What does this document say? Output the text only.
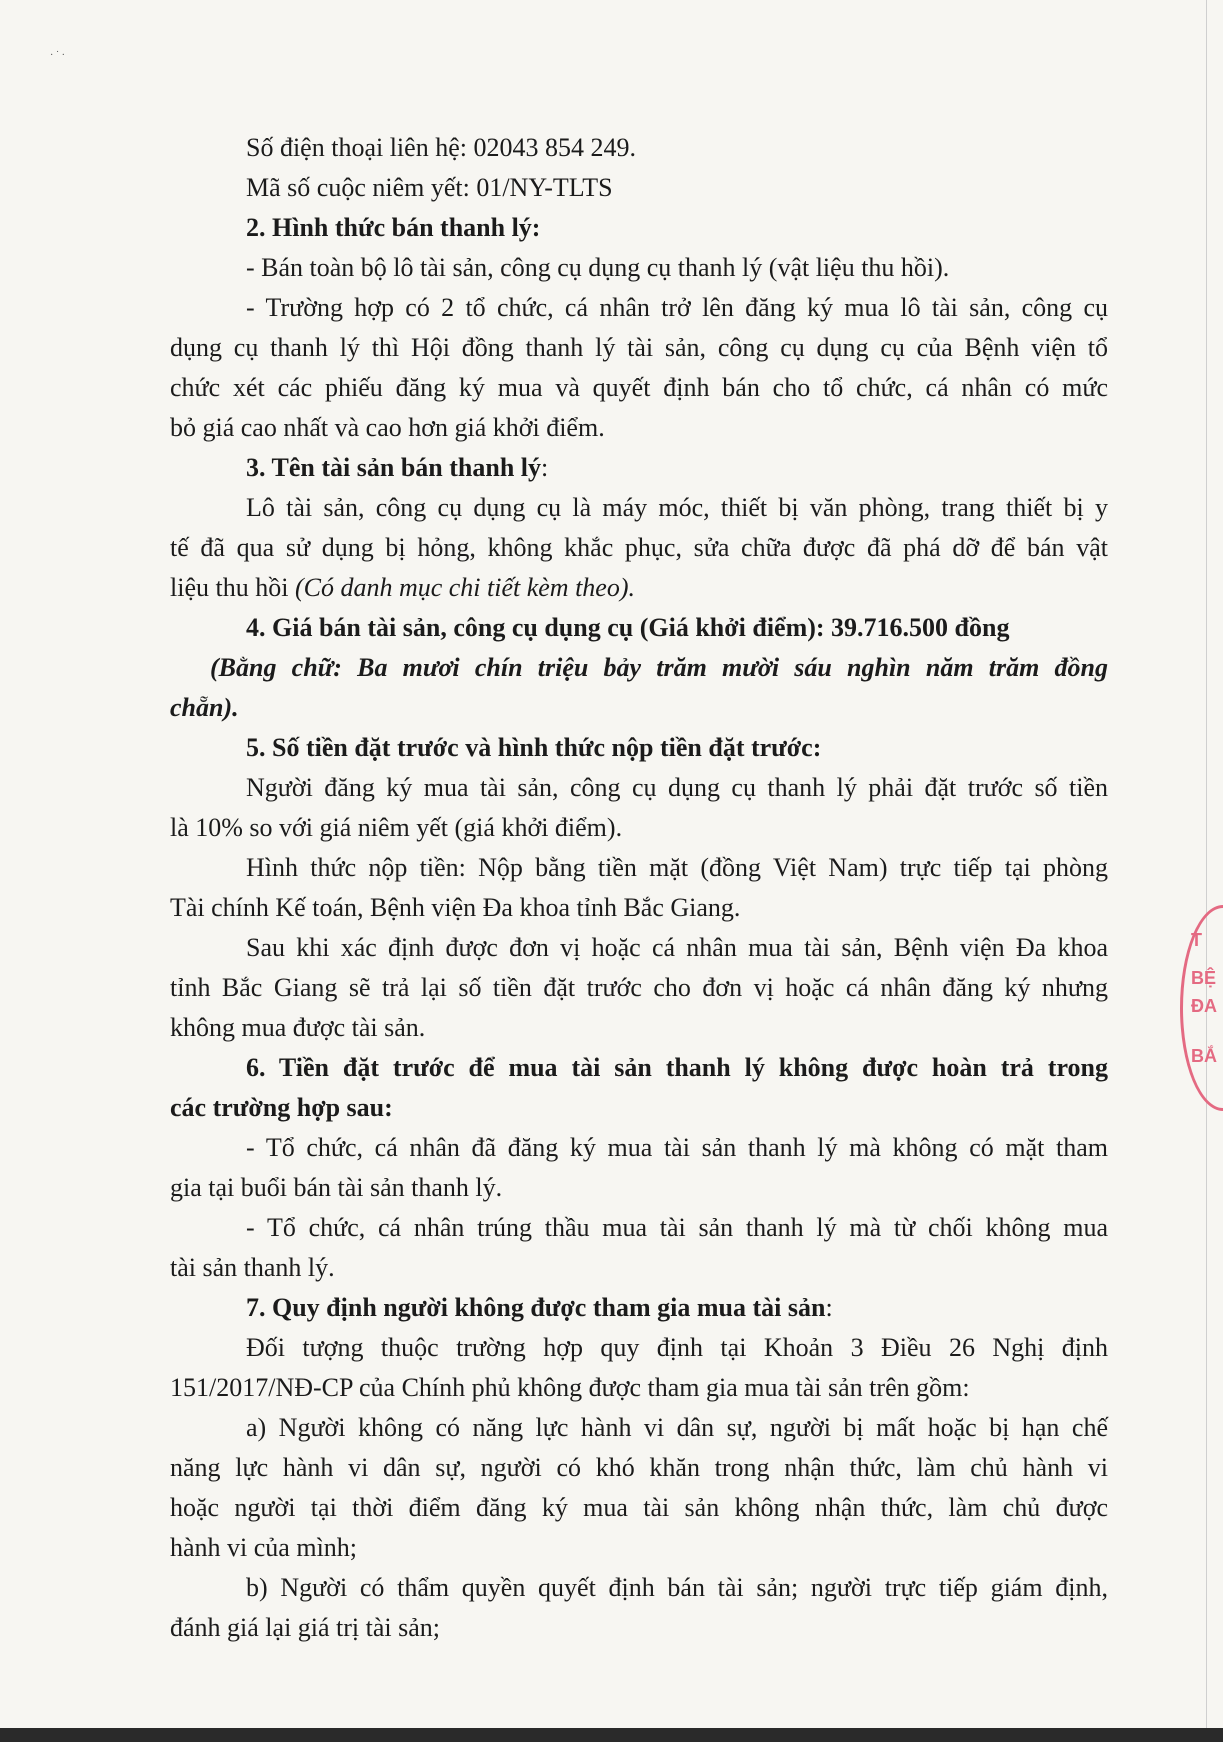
· ˙ ·

Số điện thoại liên hệ: 02043 854 249.

Mã số cuộc niêm yết: 01/NY-TLTS

2. Hình thức bán thanh lý:

- Bán toàn bộ lô tài sản, công cụ dụng cụ thanh lý (vật liệu thu hồi).

- Trường hợp có 2 tổ chức, cá nhân trở lên đăng ký mua lô tài sản, công cụ

dụng cụ thanh lý thì Hội đồng thanh lý tài sản, công cụ dụng cụ của Bệnh viện tổ

chức xét các phiếu đăng ký mua và quyết định bán cho tổ chức, cá nhân có mức

bỏ giá cao nhất và cao hơn giá khởi điểm.

3. Tên tài sản bán thanh lý:

Lô tài sản, công cụ dụng cụ là máy móc, thiết bị văn phòng, trang thiết bị y

tế đã qua sử dụng bị hỏng, không khắc phục, sửa chữa được đã phá dỡ để bán vật

liệu thu hồi (Có danh mục chi tiết kèm theo).

4. Giá bán tài sản, công cụ dụng cụ (Giá khởi điểm): 39.716.500 đồng

(Bằng chữ: Ba mươi chín triệu bảy trăm mười sáu nghìn năm trăm đồng

chẵn).

5. Số tiền đặt trước và hình thức nộp tiền đặt trước:

Người đăng ký mua tài sản, công cụ dụng cụ thanh lý phải đặt trước số tiền

là 10% so với giá niêm yết (giá khởi điểm).

Hình thức nộp tiền: Nộp bằng tiền mặt (đồng Việt Nam) trực tiếp tại phòng

Tài chính Kế toán, Bệnh viện Đa khoa tỉnh Bắc Giang.

Sau khi xác định được đơn vị hoặc cá nhân mua tài sản, Bệnh viện Đa khoa

tỉnh Bắc Giang sẽ trả lại số tiền đặt trước cho đơn vị hoặc cá nhân đăng ký nhưng

không mua được tài sản.

6. Tiền đặt trước để mua tài sản thanh lý không được hoàn trả trong

các trường hợp sau:

- Tổ chức, cá nhân đã đăng ký mua tài sản thanh lý mà không có mặt tham

gia tại buổi bán tài sản thanh lý.

- Tổ chức, cá nhân trúng thầu mua tài sản thanh lý mà từ chối không mua

tài sản thanh lý.

7. Quy định người không được tham gia mua tài sản:

Đối tượng thuộc trường hợp quy định tại Khoản 3 Điều 26 Nghị định

151/2017/NĐ-CP của Chính phủ không được tham gia mua tài sản trên gồm:

a) Người không có năng lực hành vi dân sự, người bị mất hoặc bị hạn chế

năng lực hành vi dân sự, người có khó khăn trong nhận thức, làm chủ hành vi

hoặc người tại thời điểm đăng ký mua tài sản không nhận thức, làm chủ được

hành vi của mình;

b) Người có thẩm quyền quyết định bán tài sản; người trực tiếp giám định,

đánh giá lại giá trị tài sản;

T
BỆ
ĐA
BẮ
